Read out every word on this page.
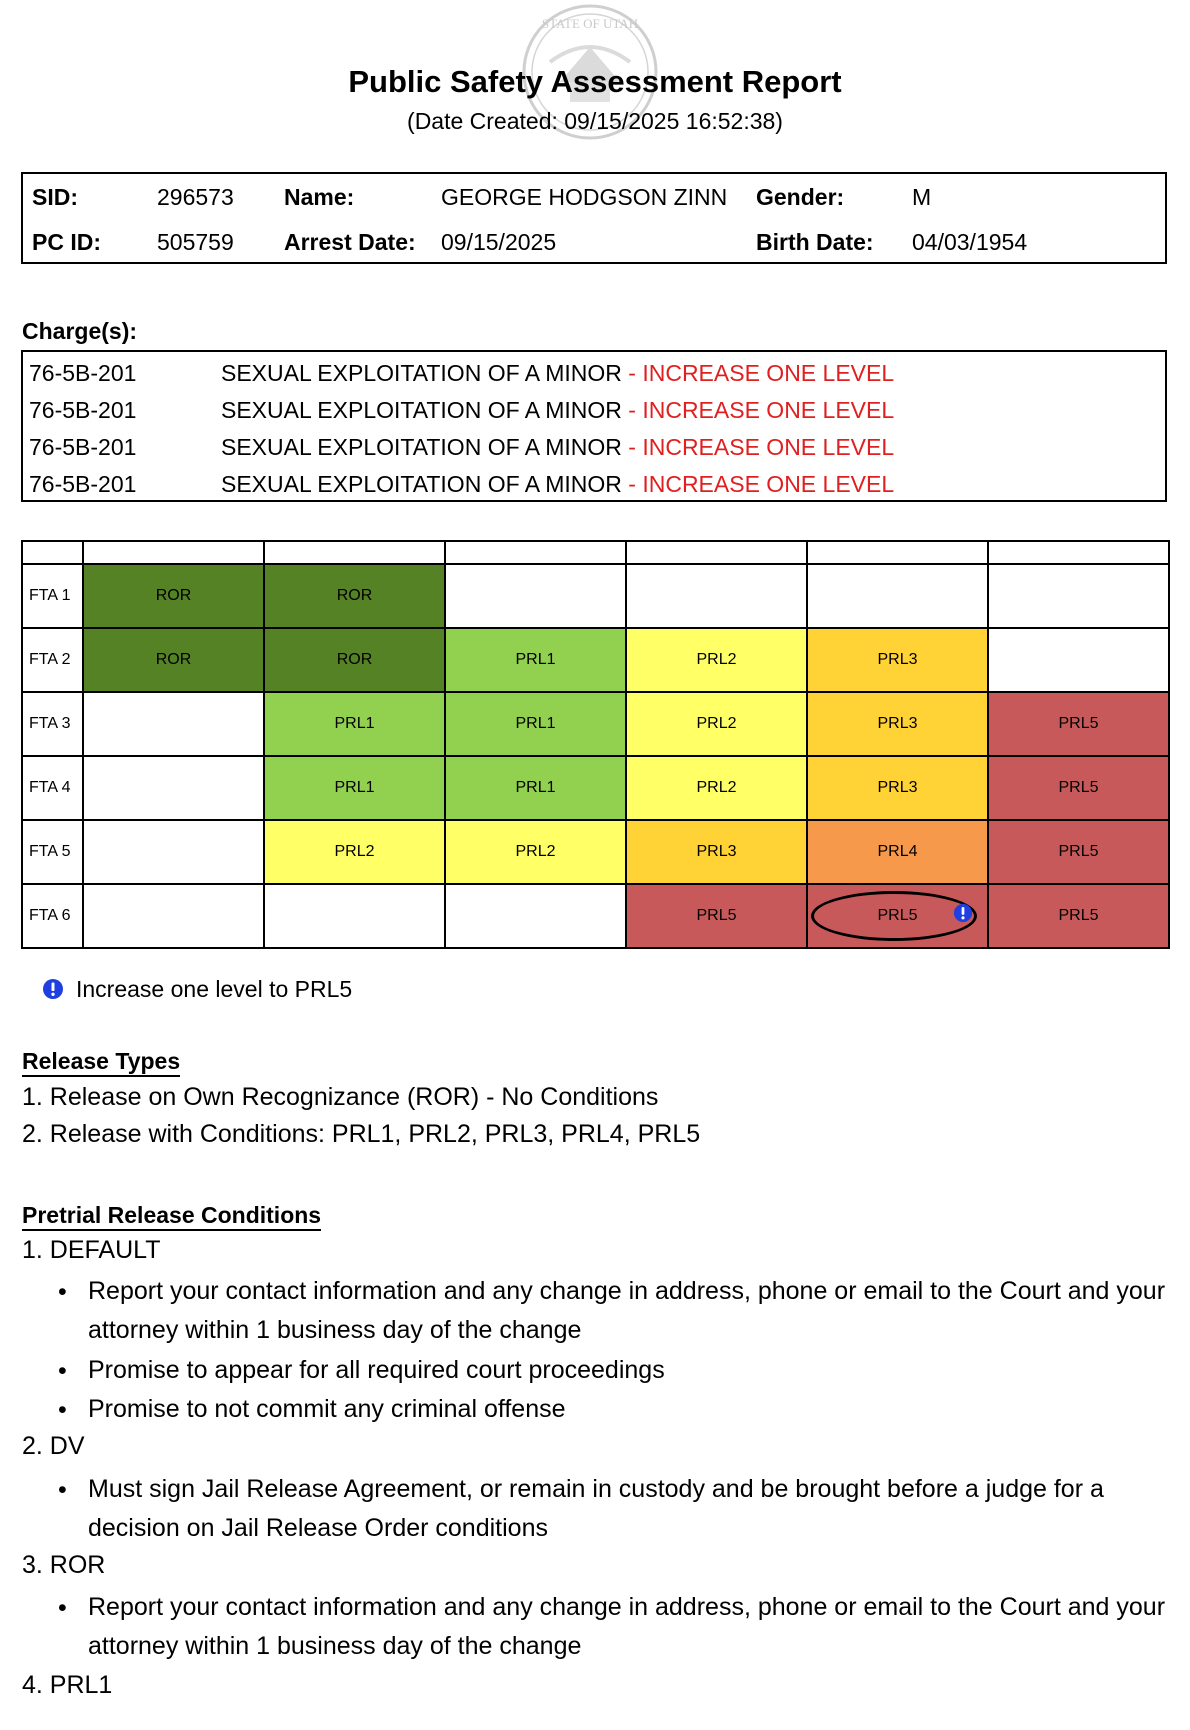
STATE OF UTAH
Public Safety Assessment Report
(Date Created: 09/15/2025 16:52:38)
SID:	296573 Name:	GEORGE HODGSON ZINN Gender:	M
PC ID: 505759 Arrest Date: 09/15/2025	Birth Date: 04/03/1954
Charge(s):
76-5B-201	SEXUAL EXPLOITATION OF A MINOR - INCREASE ONE LEVEL
76-5B-201	SEXUAL EXPLOITATION OF A MINOR - INCREASE ONE LEVEL
76-5B-201	SEXUAL EXPLOITATION OF A MINOR - INCREASE ONE LEVEL
76-5B-201	SEXUAL EXPLOITATION OF A MINOR - INCREASE ONE LEVEL

FTA 1	ROR	ROR				
FTA 2	ROR	ROR	PRL1	PRL2	PRL3	
FTA 3		PRL1	PRL1	PRL2	PRL3	PRL5
FTA 4		PRL1	PRL1	PRL2	PRL3	PRL5
FTA 5		PRL2	PRL2	PRL3	PRL4	PRL5
FTA 6				PRL5	PRL5	PRL5
Increase one level to PRL5
Release Types
1. Release on Own Recognizance (ROR) - No Conditions
2. Release with Conditions: PRL1, PRL2, PRL3, PRL4, PRL5
Pretrial Release Conditions
1. DEFAULT
• Report your contact information and any change in address, phone or email to the Court and your attorney within 1 business day of the change
• Promise to appear for all required court proceedings
• Promise to not commit any criminal offense
2. DV
• Must sign Jail Release Agreement, or remain in custody and be brought before a judge for a decision on Jail Release Order conditions
3. ROR
• Report your contact information and any change in address, phone or email to the Court and your attorney within 1 business day of the change
4. PRL1
